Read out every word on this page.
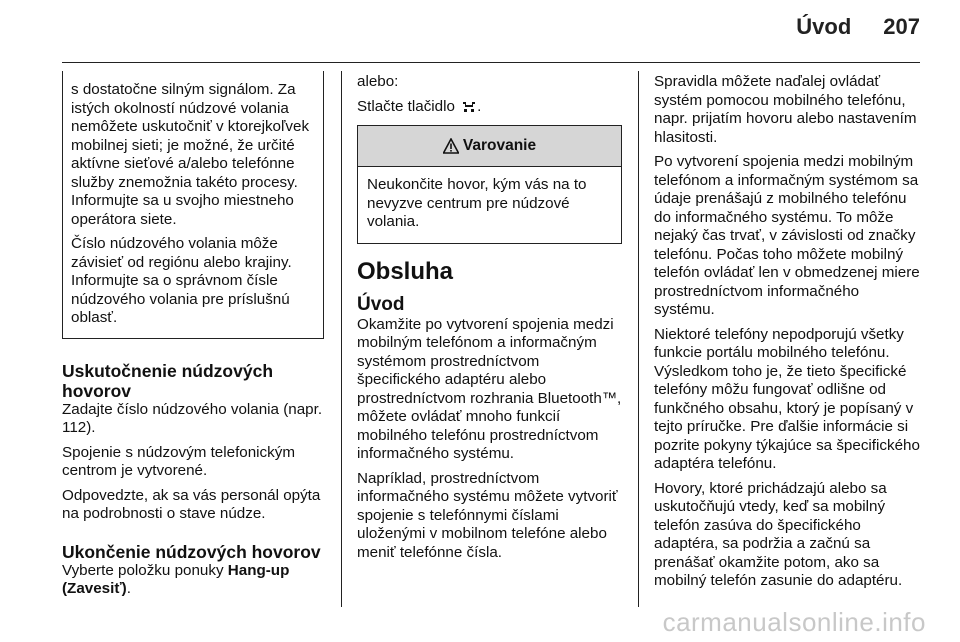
Úvod 207

s dostatočne silným signálom. Za istých okolností núdzové volania nemôžete uskutočniť v ktorejkoľvek mobilnej sieti; je možné, že určité aktívne sieťové a/alebo telefónne služby znemožnia takéto procesy. Informujte sa u svojho miestneho operátora siete.

Číslo núdzového volania môže závisieť od regiónu alebo krajiny. Informujte sa o správnom čísle núdzového volania pre príslušnú oblasť.

Uskutočnenie núdzových hovorov

Zadajte číslo núdzového volania (napr. 112).

Spojenie s núdzovým telefonickým centrom je vytvorené.

Odpovedzte, ak sa vás personál opýta na podrobnosti o stave núdze.

Ukončenie núdzových hovorov

Vyberte položku ponuky Hang-up (Zavesiť).

alebo:

Stlačte tlačidlo .

Varovanie

Neukončite hovor, kým vás na to nevyzve centrum pre núdzové volania.

Obsluha
Úvod

Okamžite po vytvorení spojenia medzi mobilným telefónom a informačným systémom prostredníctvom špecifického adaptéru alebo prostredníctvom rozhrania Bluetooth™, môžete ovládať mnoho funkcií mobilného telefónu prostredníctvom informačného systému.

Napríklad, prostredníctvom informačného systému môžete vytvoriť spojenie s telefónnymi číslami uloženými v mobilnom telefóne alebo meniť telefónne čísla.

Spravidla môžete naďalej ovládať systém pomocou mobilného telefónu, napr. prijatím hovoru alebo nastavením hlasitosti.

Po vytvorení spojenia medzi mobilným telefónom a informačným systémom sa údaje prenášajú z mobilného telefónu do informačného systému. To môže nejaký čas trvať, v závislosti od značky telefónu. Počas toho môžete mobilný telefón ovládať len v obmedzenej miere prostredníctvom informačného systému.

Niektoré telefóny nepodporujú všetky funkcie portálu mobilného telefónu. Výsledkom toho je, že tieto špecifické telefóny môžu fungovať odlišne od funkčného obsahu, ktorý je popísaný v tejto príručke. Pre ďalšie informácie si pozrite pokyny týkajúce sa špecifického adaptéra telefónu.

Hovory, ktoré prichádzajú alebo sa uskutočňujú vtedy, keď sa mobilný telefón zasúva do špecifického adaptéra, sa podržia a začnú sa prenášať okamžite potom, ako sa mobilný telefón zasunie do adaptéru.

carmanualsonline.info
